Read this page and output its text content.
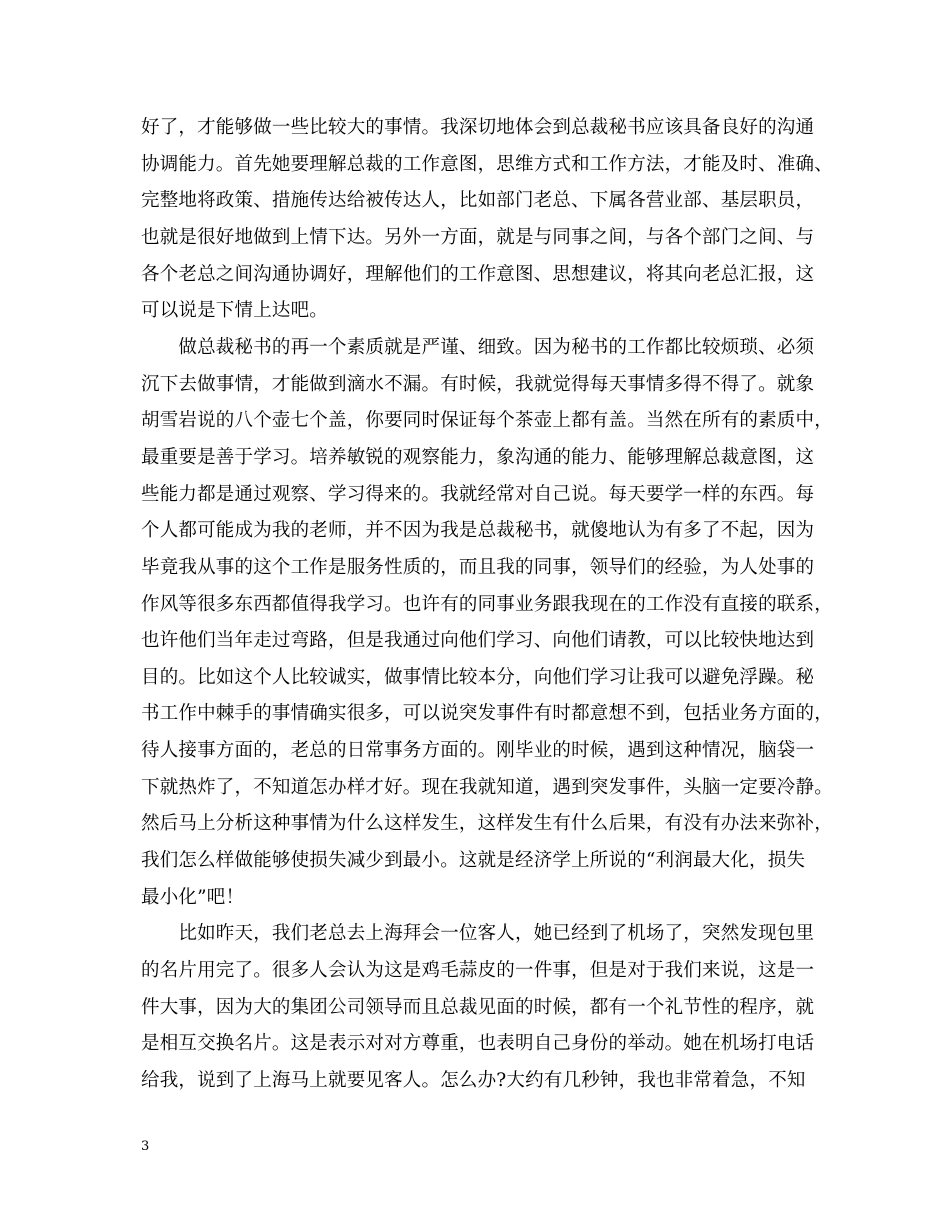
好了，才能够做一些比较大的事情。我深切地体会到总裁秘书应该具备良好的沟通
协调能力。首先她要理解总裁的工作意图，思维方式和工作方法，才能及时、准确、
完整地将政策、措施传达给被传达人，比如部门老总、下属各营业部、基层职员，
也就是很好地做到上情下达。另外一方面，就是与同事之间，与各个部门之间、与
各个老总之间沟通协调好，理解他们的工作意图、思想建议，将其向老总汇报，这
可以说是下情上达吧。
　　做总裁秘书的再一个素质就是严谨、细致。因为秘书的工作都比较烦琐、必须
沉下去做事情，才能做到滴水不漏。有时候，我就觉得每天事情多得不得了。就象
胡雪岩说的八个壶七个盖，你要同时保证每个茶壶上都有盖。当然在所有的素质中，
最重要是善于学习。培养敏锐的观察能力，象沟通的能力、能够理解总裁意图，这
些能力都是通过观察、学习得来的。我就经常对自己说。每天要学一样的东西。每
个人都可能成为我的老师，并不因为我是总裁秘书，就傻地认为有多了不起，因为
毕竟我从事的这个工作是服务性质的，而且我的同事，领导们的经验，为人处事的
作风等很多东西都值得我学习。也许有的同事业务跟我现在的工作没有直接的联系，
也许他们当年走过弯路，但是我通过向他们学习、向他们请教，可以比较快地达到
目的。比如这个人比较诚实，做事情比较本分，向他们学习让我可以避免浮躁。秘
书工作中棘手的事情确实很多，可以说突发事件有时都意想不到，包括业务方面的，
待人接事方面的，老总的日常事务方面的。刚毕业的时候，遇到这种情况，脑袋一
下就热炸了，不知道怎办样才好。现在我就知道，遇到突发事件，头脑一定要冷静。
然后马上分析这种事情为什么这样发生，这样发生有什么后果，有没有办法来弥补，
我们怎么样做能够使损失减少到最小。这就是经济学上所说的“利润最大化，损失
最小化”吧！
　　比如昨天，我们老总去上海拜会一位客人，她已经到了机场了，突然发现包里
的名片用完了。很多人会认为这是鸡毛蒜皮的一件事，但是对于我们来说，这是一
件大事，因为大的集团公司领导而且总裁见面的时候，都有一个礼节性的程序，就
是相互交换名片。这是表示对对方尊重，也表明自己身份的举动。她在机场打电话
给我，说到了上海马上就要见客人。怎么办?大约有几秒钟，我也非常着急，不知
3
